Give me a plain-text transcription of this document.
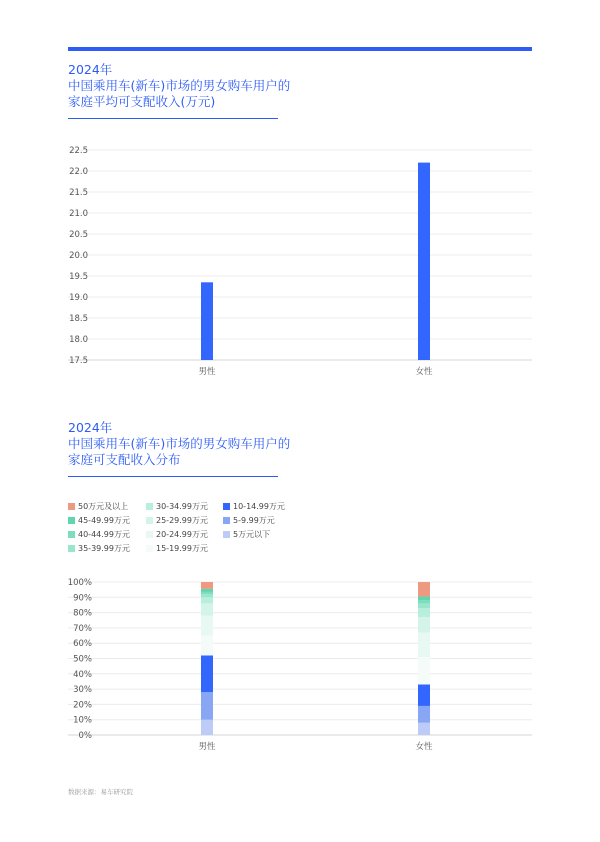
2024年
中国乘用车(新车)市场的男女购车用户的
家庭平均可支配收入(万元)
17.5
18.0
18.5
19.0
19.5
20.0
20.5
21.0
21.5
22.0
22.5
男性	女性
2024年
中国乘用车(新车)市场的男女购车用户的
家庭可支配收入分布
50万元及以上
45-49.99万元
40-44.99万元
35-39.99万元
30-34.99万元
25-29.99万元
20-24.99万元
15-19.99万元
10-14.99万元
5-9.99万元
5万元以下
0%
10%
20%
30%
40%
50%
60%
70%
80%
90%
100%
男性	女性
数据来源：易车研究院
